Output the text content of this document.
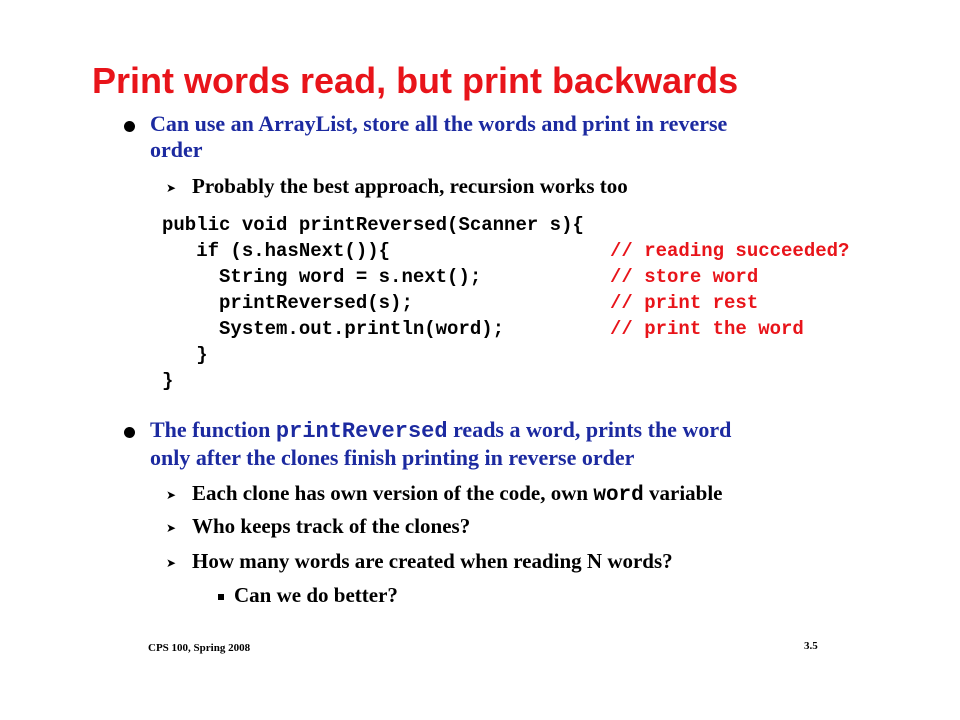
Print words read, but print backwards
Can use an ArrayList, store all the words and print in reverse
order
➤ Probably the best approach, recursion works too
public void printReversed(Scanner s){
if (s.hasNext()){	// reading succeeded?
String word = s.next();	// store word
printReversed(s);	// print rest
System.out.println(word);	// print the word
}
}
The function printReversed reads a word, prints the word
only after the clones finish printing in reverse order
➤ Each clone has own version of the code, own word variable
➤ Who keeps track of the clones?
➤ How many words are created when reading N words?
Can we do better?
CPS 100, Spring 2008	3.5
